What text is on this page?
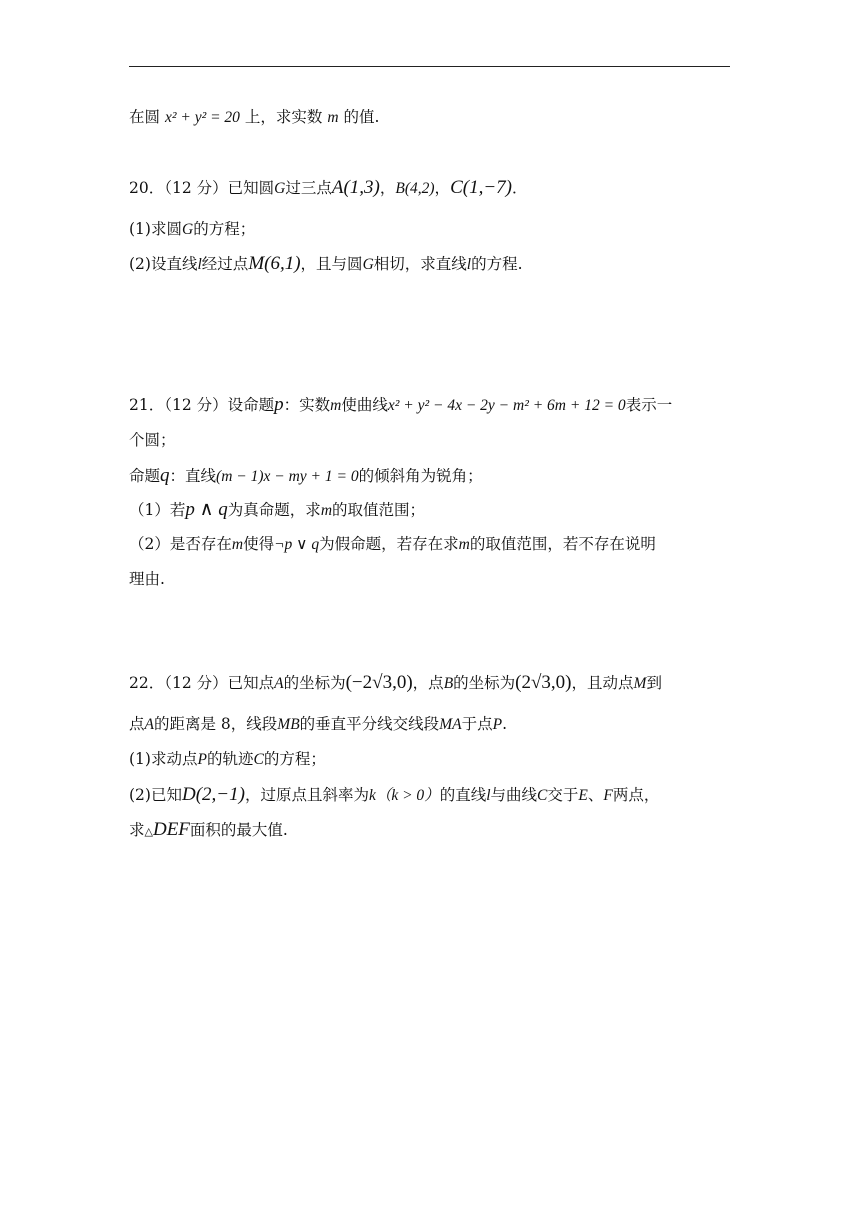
在圆 x² + y² = 20 上，求实数 m 的值.
20．（12 分）已知圆G过三点A(1,3)，B(4,2)，C(1,−7)．
(1)求圆G的方程；
(2)设直线l经过点M(6,1)，且与圆G相切，求直线l的方程.
21．（12 分）设命题p：实数m使曲线x² + y² − 4x − 2y − m² + 6m + 12 = 0表示一
个圆；
命题q：直线(m − 1)x − my + 1 = 0的倾斜角为锐角；
（1）若p ∧ q为真命题，求m的取值范围；
（2）是否存在m使得¬p ∨ q为假命题，若存在求m的取值范围，若不存在说明
理由.
22．（12 分）已知点A的坐标为(−2√3,0)，点B的坐标为(2√3,0)，且动点M到
点A的距离是 8，线段MB的垂直平分线交线段MA于点P.
(1)求动点P的轨迹C的方程；
(2)已知D(2,−1)，过原点且斜率为k（k > 0）的直线l与曲线C交于E、F两点，
求△DEF面积的最大值.
